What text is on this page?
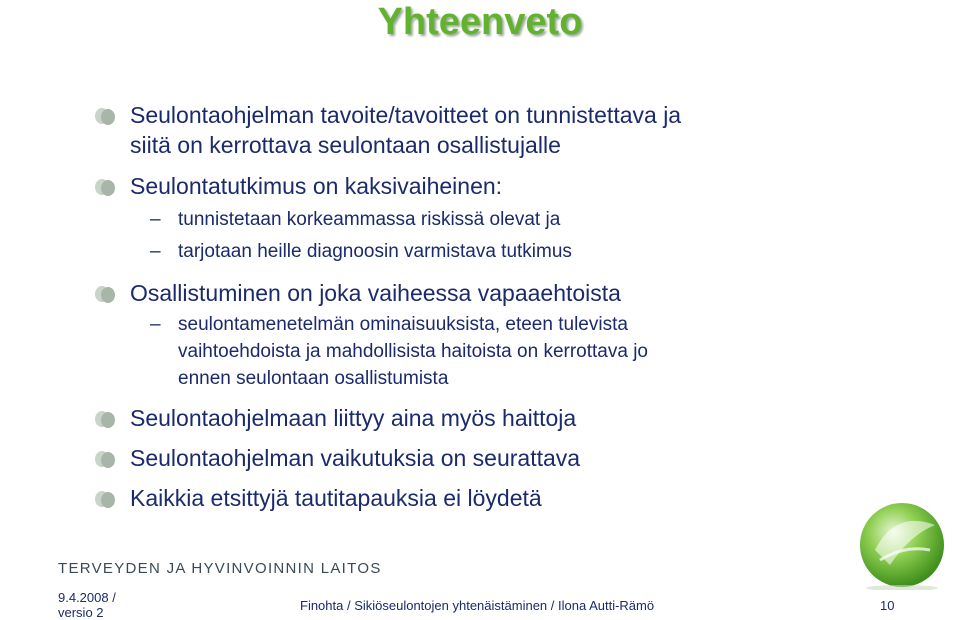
Yhteenveto
Seulontaohjelman tavoite/tavoitteet on tunnistettava ja
siitä on kerrottava seulontaan osallistujalle
Seulontatutkimus on kaksivaiheinen:
– tunnistetaan korkeammassa riskissä olevat ja
– tarjotaan heille diagnoosin varmistava tutkimus
Osallistuminen on joka vaiheessa vapaaehtoista
– seulontamenetelmän ominaisuuksista, eteen tulevista
vaihtoehdoista ja mahdollisista haitoista on kerrottava jo
ennen seulontaan osallistumista
Seulontaohjelmaan liittyy aina myös haittoja
Seulontaohjelman vaikutuksia on seurattava
Kaikkia etsittyjä tautitapauksia ei löydetä
TERVEYDEN JA HYVINVOINNIN LAITOS
9.4.2008 /
versio 2	Finohta / Sikiöseulontojen yhtenäistäminen / Ilona Autti-Rämö	10
